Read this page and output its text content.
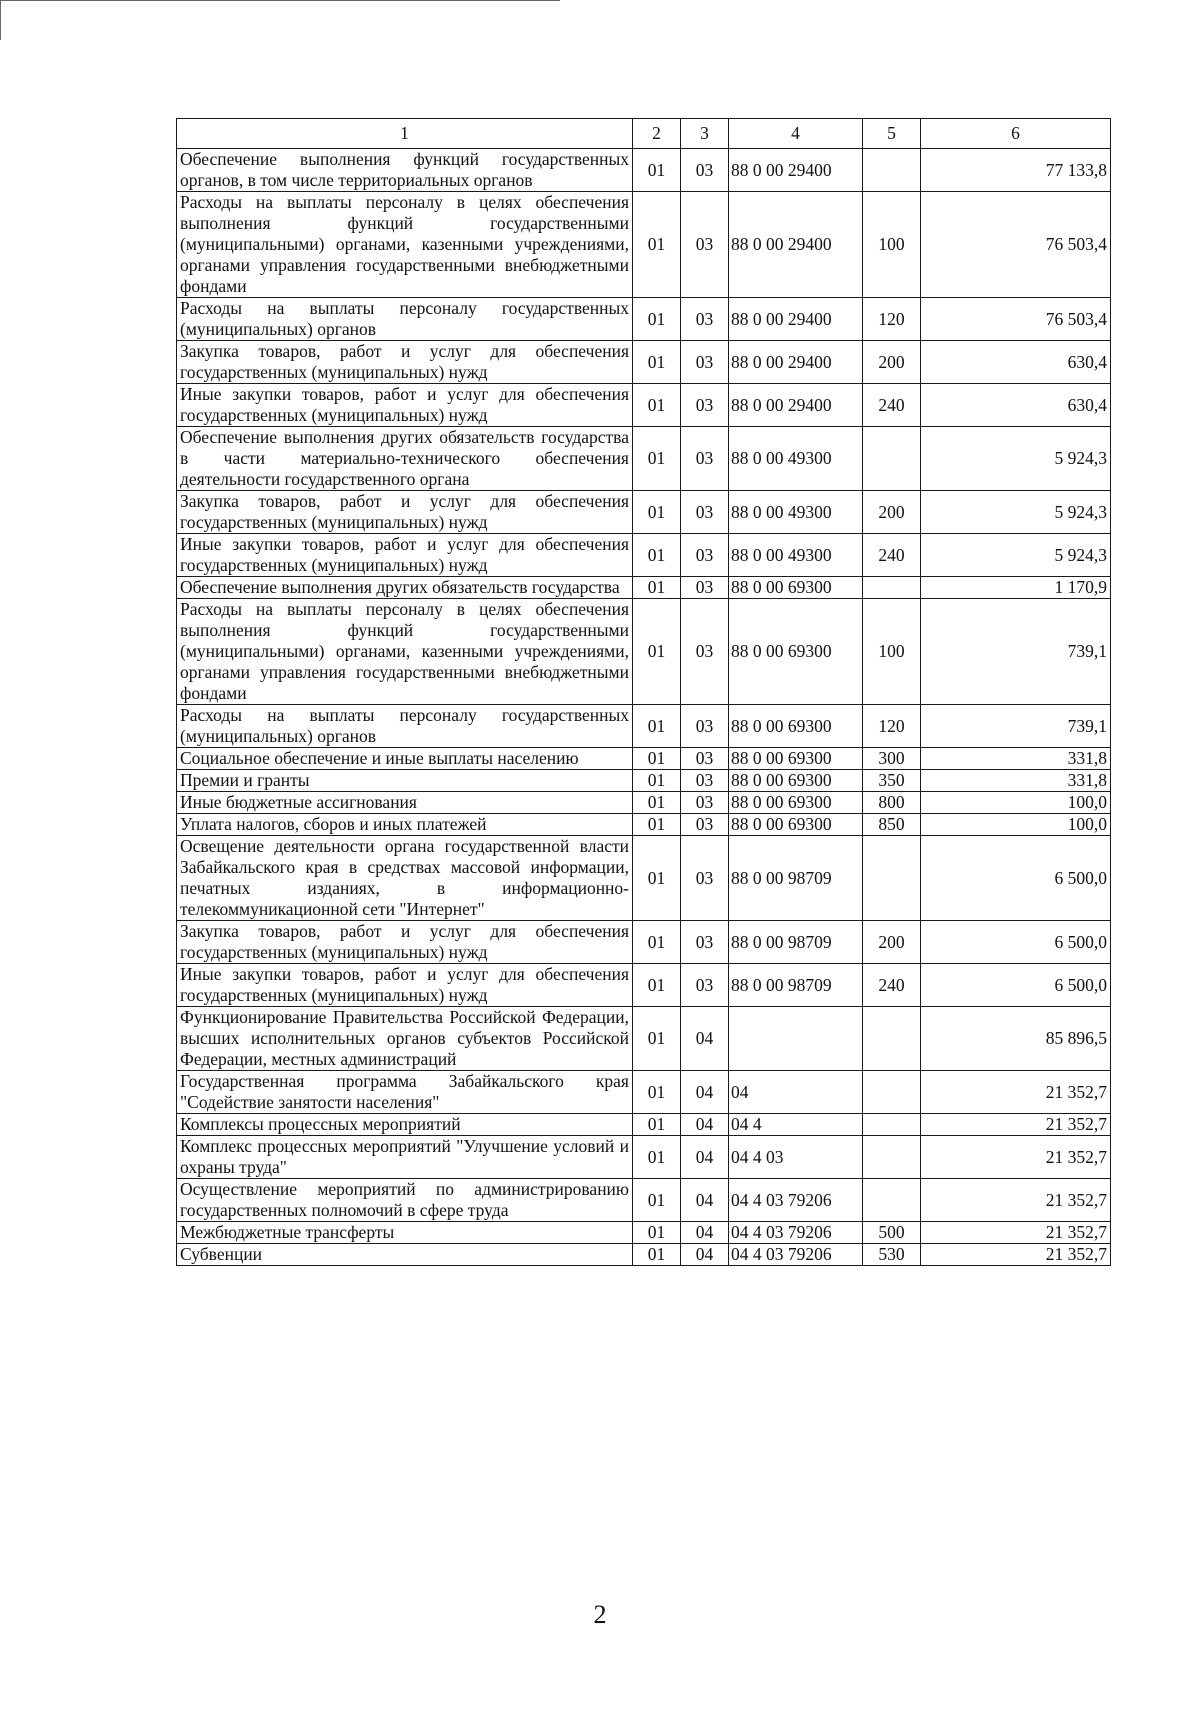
1	2	3	4	5	6
Обеспечение выполнения функций государственных органов, в том числе территориальных органов	01	03	88 0 00 29400		77 133,8
Расходы на выплаты персоналу в целях обеспечения выполнения функций государственными (муниципальными) органами, казенными учреждениями, органами управления государственными внебюджетными фондами	01	03	88 0 00 29400	100	76 503,4
Расходы на выплаты персоналу государственных (муниципальных) органов	01	03	88 0 00 29400	120	76 503,4
Закупка товаров, работ и услуг для обеспечения государственных (муниципальных) нужд	01	03	88 0 00 29400	200	630,4
Иные закупки товаров, работ и услуг для обеспечения государственных (муниципальных) нужд	01	03	88 0 00 29400	240	630,4
Обеспечение выполнения других обязательств государства в части материально-технического обеспечения деятельности государственного органа	01	03	88 0 00 49300		5 924,3
Закупка товаров, работ и услуг для обеспечения государственных (муниципальных) нужд	01	03	88 0 00 49300	200	5 924,3
Иные закупки товаров, работ и услуг для обеспечения государственных (муниципальных) нужд	01	03	88 0 00 49300	240	5 924,3
Обеспечение выполнения других обязательств государства	01	03	88 0 00 69300		1 170,9
Расходы на выплаты персоналу в целях обеспечения выполнения функций государственными (муниципальными) органами, казенными учреждениями, органами управления государственными внебюджетными фондами	01	03	88 0 00 69300	100	739,1
Расходы на выплаты персоналу государственных (муниципальных) органов	01	03	88 0 00 69300	120	739,1
Социальное обеспечение и иные выплаты населению	01	03	88 0 00 69300	300	331,8
Премии и гранты	01	03	88 0 00 69300	350	331,8
Иные бюджетные ассигнования	01	03	88 0 00 69300	800	100,0
Уплата налогов, сборов и иных платежей	01	03	88 0 00 69300	850	100,0
Освещение деятельности органа государственной власти Забайкальского края в средствах массовой информации, печатных изданиях, в информационно-телекоммуникационной сети "Интернет"	01	03	88 0 00 98709		6 500,0
Закупка товаров, работ и услуг для обеспечения государственных (муниципальных) нужд	01	03	88 0 00 98709	200	6 500,0
Иные закупки товаров, работ и услуг для обеспечения государственных (муниципальных) нужд	01	03	88 0 00 98709	240	6 500,0
Функционирование Правительства Российской Федерации, высших исполнительных органов субъектов Российской Федерации, местных администраций	01	04			85 896,5
Государственная программа Забайкальского края "Содействие занятости населения"	01	04	04		21 352,7
Комплексы процессных мероприятий	01	04	04 4		21 352,7
Комплекс процессных мероприятий "Улучшение условий и охраны труда"	01	04	04 4 03		21 352,7
Осуществление мероприятий по администрированию государственных полномочий в сфере труда	01	04	04 4 03 79206		21 352,7
Межбюджетные трансферты	01	04	04 4 03 79206	500	21 352,7
Субвенции	01	04	04 4 03 79206	530	21 352,7
2
